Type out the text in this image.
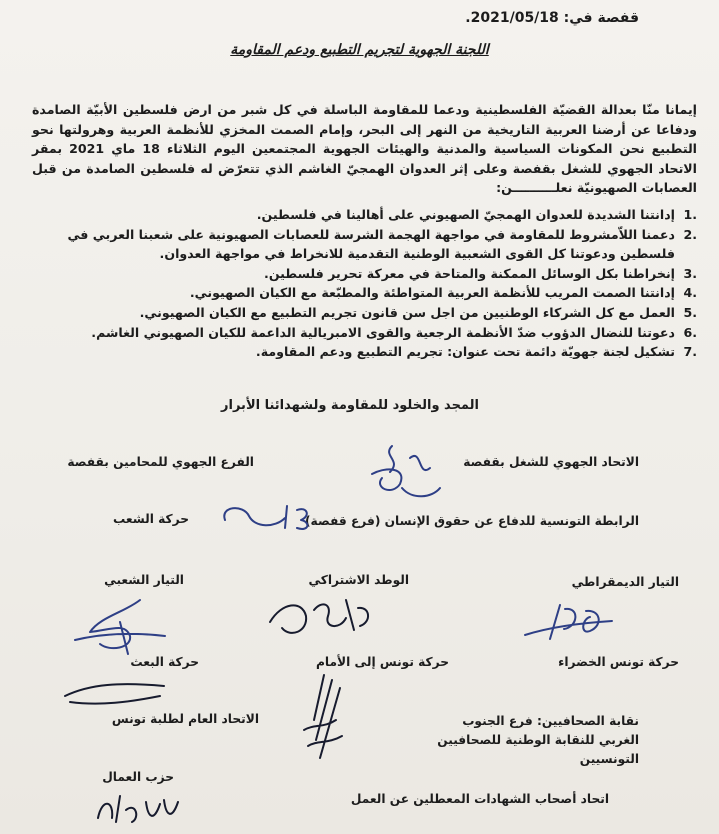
قفصة في: 2021/05/18.
اللجنة الجهوية لتجريم التطبيع ودعم المقاومة

إيمانا منّا بعدالة القضيّة الفلسطينية ودعما للمقاومة الباسلة في كل شبر من ارض فلسطين الأبيّة الصامدة ودفاعا عن أرضنا العربية التاريخية من النهر إلى البحر، وإمام الصمت المخزي للأنظمة العربية وهرولتها نحو التطبيع نحن المكونات السياسية والمدنية والهيئات الجهوية المجتمعين اليوم الثلاثاء 18 ماي 2021 بمقر الاتحاد الجهوي للشغل بقفصة وعلى إثر العدوان الهمجيّ الغاشم الذي تتعرّض له فلسطين الصامدة من قبل العصابات الصهيونيّة نعلــــــــــن:

1.
إدانتنا الشديدة للعدوان الهمجيّ الصهيوني على أهالينا في فلسطين.
2.
دعمنا اللاّمشروط للمقاومة في مواجهة الهجمة الشرسة للعصابات الصهيونية على شعبنا العربي في فلسطين ودعوتنا كل القوى الشعبية الوطنية التقدمية للانخراط في مواجهة العدوان.
3.
إنخراطنا بكل الوسائل الممكنة والمتاحة في معركة تحرير فلسطين.
4.
إدانتنا الصمت المريب للأنظمة العربية المتواطئة والمطبّعة مع الكيان الصهيوني.
5.
العمل مع كل الشركاء الوطنيين من اجل سن قانون تجريم التطبيع مع الكيان الصهيوني.
6.
دعوتنا للنضال الدؤوب ضدّ الأنظمة الرجعية والقوى الامبريالية الداعمة للكيان الصهيوني الغاشم.
7.
تشكيل لجنة جهويّة دائمة تحت عنوان: تجريم التطبيع ودعم المقاومة.
المجد والخلود للمقاومة ولشهدائنا الأبرار
الاتحاد الجهوي للشغل بقفصة
الفرع الجهوي للمحامين بقفصة
الرابطة التونسية للدفاع عن حقوق الإنسان (فرع قفصة)
حركة الشعب
التيار الديمقراطي
الوطد الاشتراكي
التيار الشعبي
حركة تونس الخضراء
حركة تونس إلى الأمام
حركة البعث
نقابة الصحافيين: فرع الجنوب الغربي للنقابة الوطنية للصحافيين التونسيين
الاتحاد العام لطلبة تونس
اتحاد أصحاب الشهادات المعطلين عن العمل
حزب العمال
